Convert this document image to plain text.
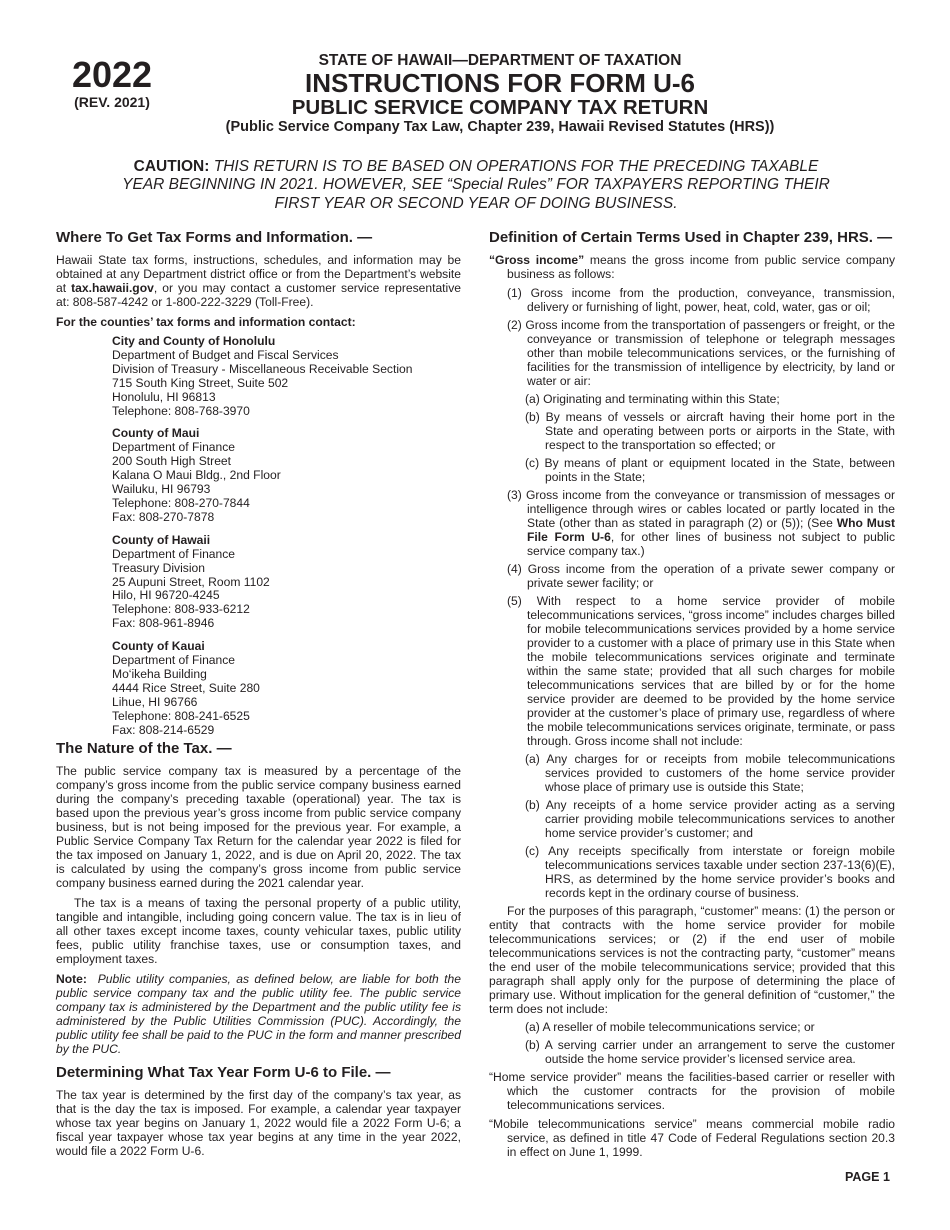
2022
(REV. 2021)
STATE OF HAWAII—DEPARTMENT OF TAXATION
INSTRUCTIONS FOR FORM U-6
PUBLIC SERVICE COMPANY TAX RETURN
(Public Service Company Tax Law, Chapter 239, Hawaii Revised Statutes (HRS))
CAUTION: THIS RETURN IS TO BE BASED ON OPERATIONS FOR THE PRECEDING TAXABLE YEAR BEGINNING IN 2021. HOWEVER, SEE “Special Rules” FOR TAXPAYERS REPORTING THEIR FIRST YEAR OR SECOND YEAR OF DOING BUSINESS.
Where To Get Tax Forms and Information. —

Hawaii State tax forms, instructions, schedules, and information may be obtained at any Department district office or from the Department’s website at tax.hawaii.gov, or you may contact a customer service representative at: 808-587-4242 or 1-800-222-3229 (Toll-Free).

For the counties’ tax forms and information contact:

City and County of Honolulu
Department of Budget and Fiscal Services
Division of Treasury - Miscellaneous Receivable Section
715 South King Street, Suite 502
Honolulu, HI 96813
Telephone: 808-768-3970
County of Maui
Department of Finance
200 South High Street
Kalana O Maui Bldg., 2nd Floor
Wailuku, HI 96793
Telephone: 808-270-7844
Fax: 808-270-7878
County of Hawaii
Department of Finance
Treasury Division
25 Aupuni Street, Room 1102
Hilo, HI 96720-4245
Telephone: 808-933-6212
Fax: 808-961-8946
County of Kauai
Department of Finance
Mo‘ikeha Building
4444 Rice Street, Suite 280
Lihue, HI 96766
Telephone: 808-241-6525
Fax: 808-214-6529
The Nature of the Tax. —

The public service company tax is measured by a percentage of the company’s gross income from the public service company business earned during the company’s preceding taxable (operational) year. The tax is based upon the previous year’s gross income from public service company business, but is not being imposed for the previous year. For example, a Public Service Company Tax Return for the calendar year 2022 is filed for the tax imposed on January 1, 2022, and is due on April 20, 2022. The tax is calculated by using the company’s gross income from public service company business earned during the 2021 calendar year.

The tax is a means of taxing the personal property of a public utility, tangible and intangible, including going concern value. The tax is in lieu of all other taxes except income taxes, county vehicular taxes, public utility fees, public utility franchise taxes, use or consumption taxes, and employment taxes.

Note: Public utility companies, as defined below, are liable for both the public service company tax and the public utility fee. The public service company tax is administered by the Department and the public utility fee is administered by the Public Utilities Commission (PUC). Accordingly, the public utility fee shall be paid to the PUC in the form and manner prescribed by the PUC.

Determining What Tax Year Form U-6 to File. —

The tax year is determined by the first day of the company’s tax year, as that is the day the tax is imposed. For example, a calendar year taxpayer whose tax year begins on January 1, 2022 would file a 2022 Form U-6; a fiscal year taxpayer whose tax year begins at any time in the year 2022, would file a 2022 Form U-6.

Definition of Certain Terms Used in Chapter 239, HRS. —

“Gross income” means the gross income from public service company business as follows:

(1) Gross income from the production, conveyance, transmission, delivery or furnishing of light, power, heat, cold, water, gas or oil;

(2) Gross income from the transportation of passengers or freight, or the conveyance or transmission of telephone or telegraph messages other than mobile telecommunications services, or the furnishing of facilities for the transmission of intelligence by electricity, by land or water or air:

(a) Originating and terminating within this State;

(b) By means of vessels or aircraft having their home port in the State and operating between ports or airports in the State, with respect to the transportation so effected; or

(c) By means of plant or equipment located in the State, between points in the State;

(3) Gross income from the conveyance or transmission of messages or intelligence through wires or cables located or partly located in the State (other than as stated in paragraph (2) or (5)); (See Who Must File Form U-6, for other lines of business not subject to public service company tax.)

(4) Gross income from the operation of a private sewer company or private sewer facility; or

(5) With respect to a home service provider of mobile telecommunications services, “gross income” includes charges billed for mobile telecommunications services provided by a home service provider to a customer with a place of primary use in this State when the mobile telecommunications services originate and terminate within the same state; provided that all such charges for mobile telecommunications services that are billed by or for the home service provider are deemed to be provided by the home service provider at the customer’s place of primary use, regardless of where the mobile telecommunications services originate, terminate, or pass through. Gross income shall not include:

(a) Any charges for or receipts from mobile telecommunications services provided to customers of the home service provider whose place of primary use is outside this State;

(b) Any receipts of a home service provider acting as a serving carrier providing mobile telecommunications services to another home service provider’s customer; and

(c) Any receipts specifically from interstate or foreign mobile telecommunications services taxable under section 237-13(6)(E), HRS, as determined by the home service provider’s books and records kept in the ordinary course of business.

For the purposes of this paragraph, “customer” means: (1) the person or entity that contracts with the home service provider for mobile telecommunications services; or (2) if the end user of mobile telecommunications services is not the contracting party, “customer” means the end user of the mobile telecommunications service; provided that this paragraph shall apply only for the purpose of determining the place of primary use. Without implication for the general definition of “customer,” the term does not include:

(a) A reseller of mobile telecommunications service; or

(b) A serving carrier under an arrangement to serve the customer outside the home service provider’s licensed service area.

“Home service provider” means the facilities-based carrier or reseller with which the customer contracts for the provision of mobile telecommunications services.

“Mobile telecommunications service” means commercial mobile radio service, as defined in title 47 Code of Federal Regulations section 20.3 in effect on June 1, 1999.

PAGE 1
